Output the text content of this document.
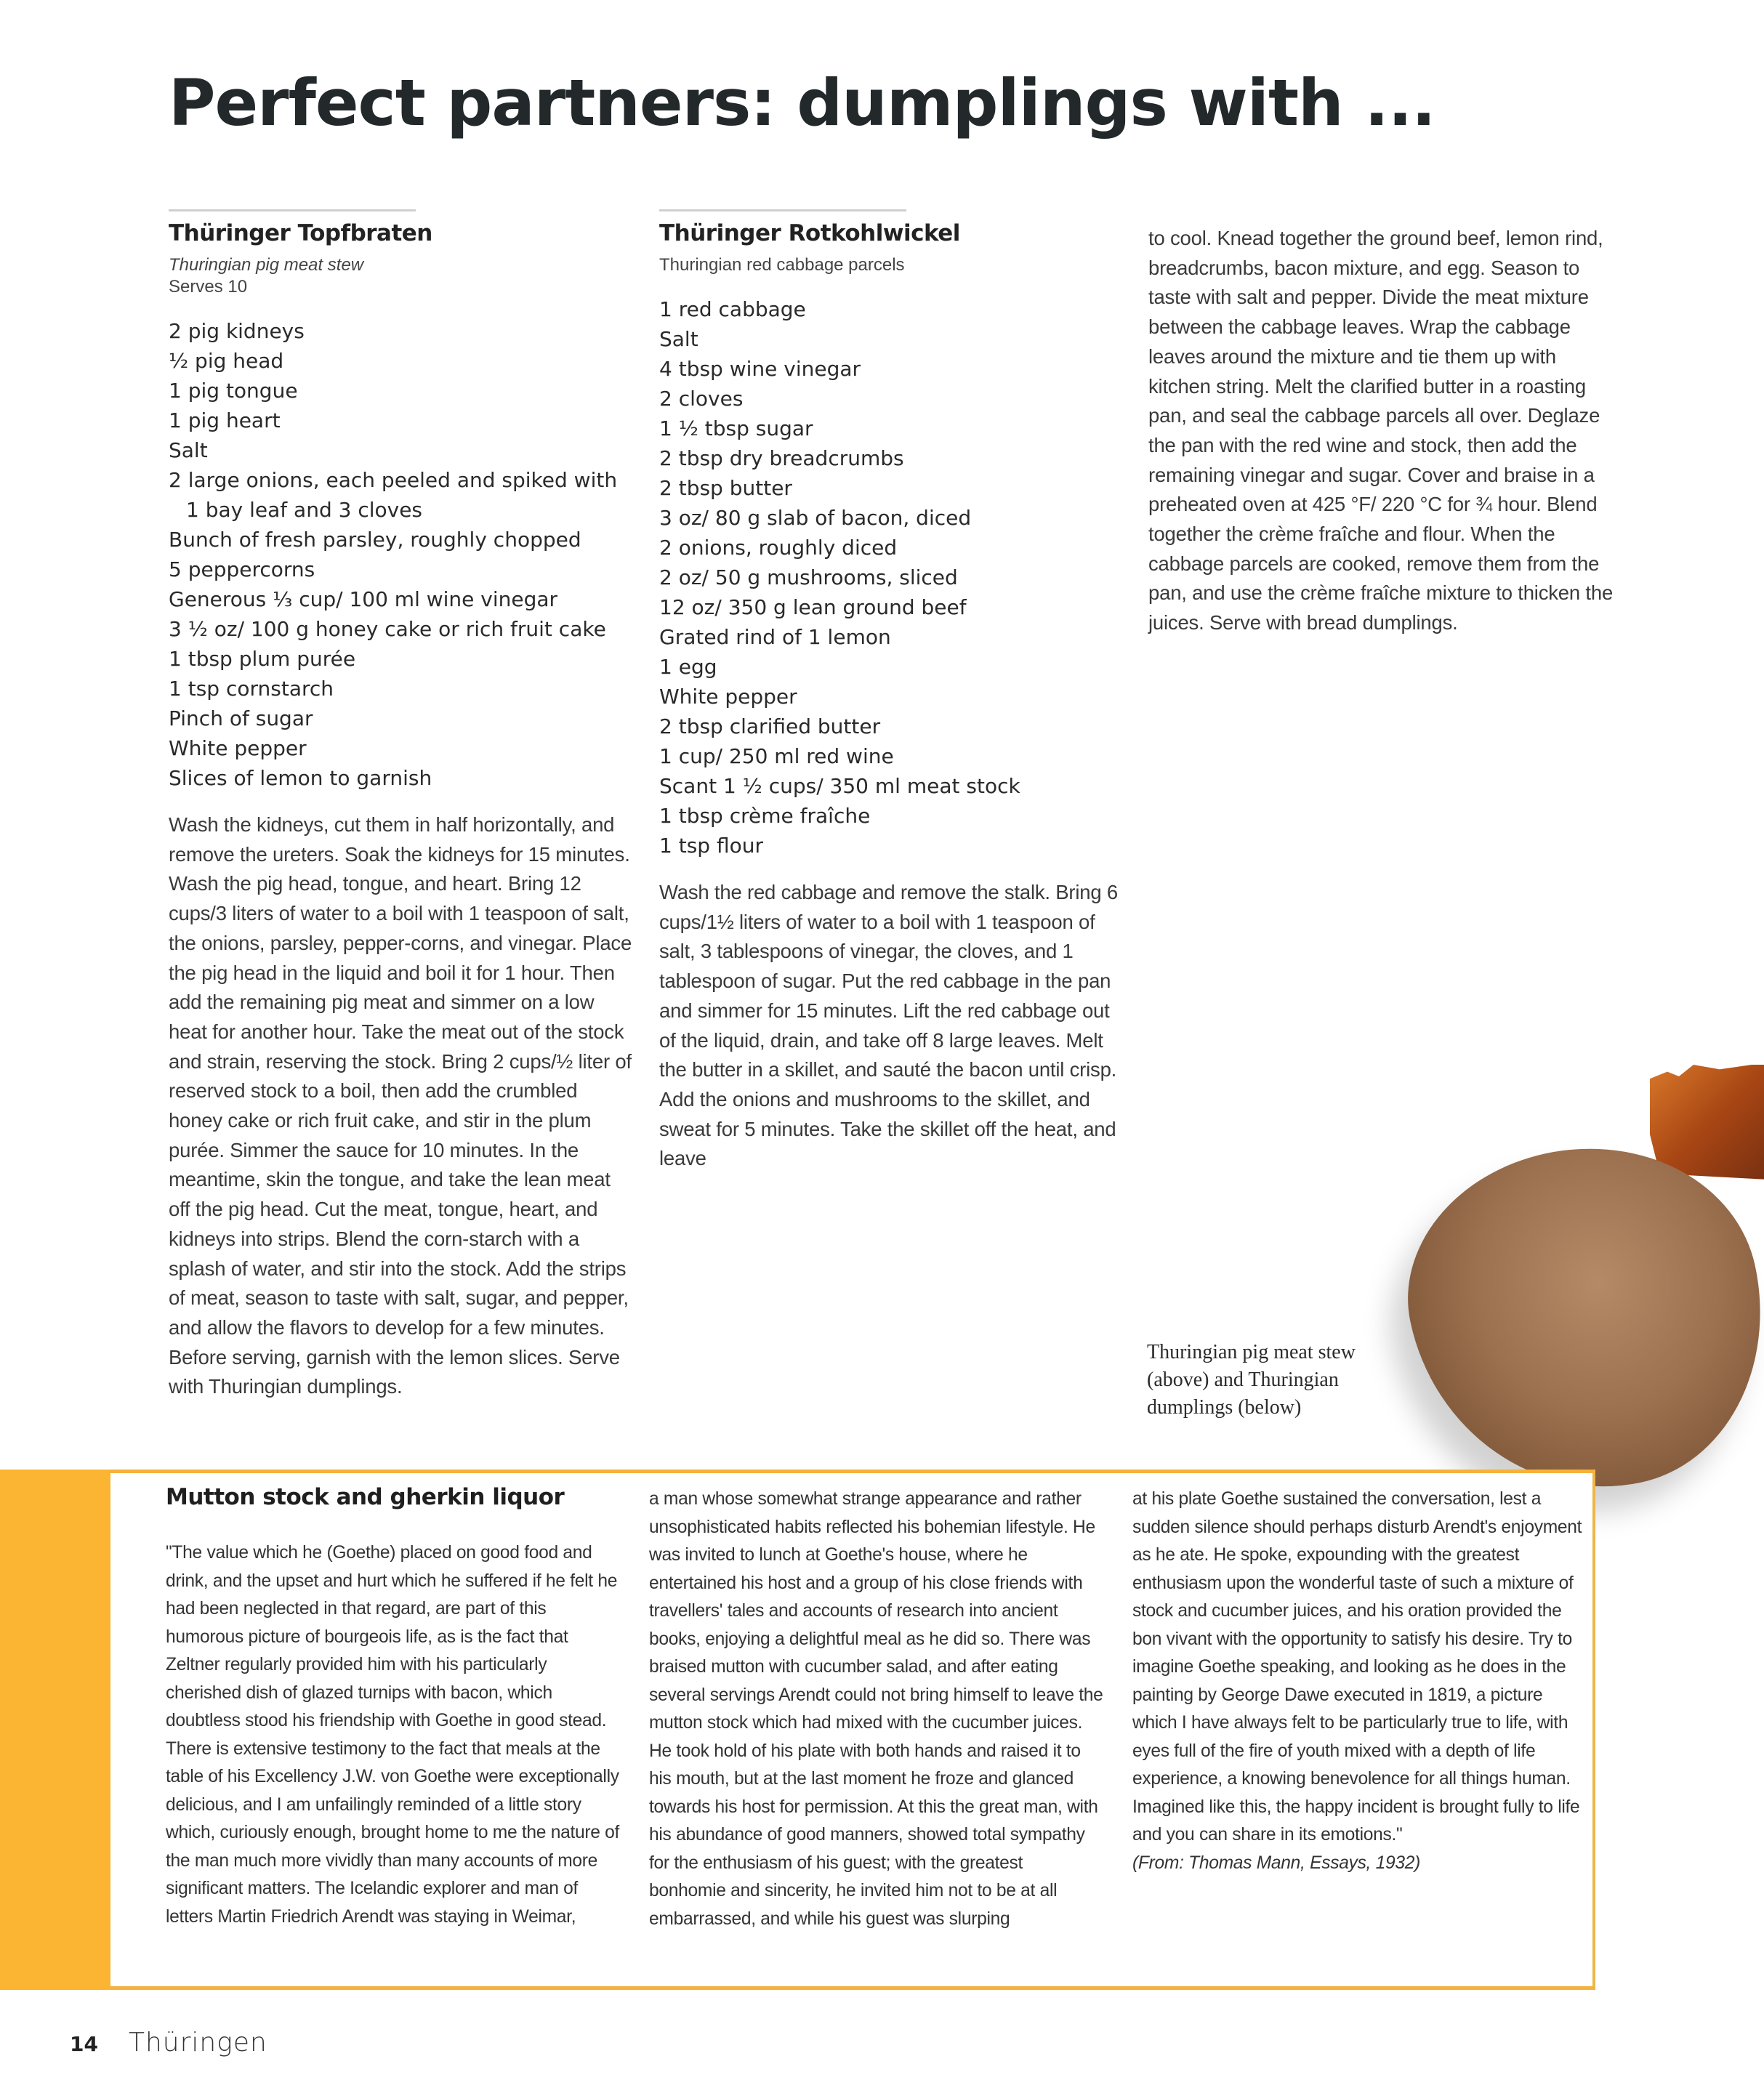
Perfect partners: dumplings with ...
Thüringer Topfbraten
Thuringian pig meat stew
Serves 10
2 pig kidneys
½ pig head
1 pig tongue
1 pig heart
Salt
2 large onions, each peeled and spiked with 1 bay leaf and 3 cloves
Bunch of fresh parsley, roughly chopped
5 peppercorns
Generous ⅓ cup/ 100 ml wine vinegar
3 ½ oz/ 100 g honey cake or rich fruit cake
1 tbsp plum purée
1 tsp cornstarch
Pinch of sugar
White pepper
Slices of lemon to garnish

Wash the kidneys, cut them in half horizontally, and remove the ureters. Soak the kidneys for 15 minutes. Wash the pig head, tongue, and heart. Bring 12 cups/3 liters of water to a boil with 1 teaspoon of salt, the onions, parsley, pepper-corns, and vinegar. Place the pig head in the liquid and boil it for 1 hour. Then add the remaining pig meat and simmer on a low heat for another hour. Take the meat out of the stock and strain, reserving the stock. Bring 2 cups/½ liter of reserved stock to a boil, then add the crumbled honey cake or rich fruit cake, and stir in the plum purée. Simmer the sauce for 10 minutes. In the meantime, skin the tongue, and take the lean meat off the pig head. Cut the meat, tongue, heart, and kidneys into strips. Blend the corn-starch with a splash of water, and stir into the stock. Add the strips of meat, season to taste with salt, sugar, and pepper, and allow the flavors to develop for a few minutes. Before serving, garnish with the lemon slices. Serve with Thuringian dumplings.

Thüringer Rotkohlwickel
Thuringian red cabbage parcels
1 red cabbage
Salt
4 tbsp wine vinegar
2 cloves
1 ½ tbsp sugar
2 tbsp dry breadcrumbs
2 tbsp butter
3 oz/ 80 g slab of bacon, diced
2 onions, roughly diced
2 oz/ 50 g mushrooms, sliced
12 oz/ 350 g lean ground beef
Grated rind of 1 lemon
1 egg
White pepper
2 tbsp clarified butter
1 cup/ 250 ml red wine
Scant 1 ½ cups/ 350 ml meat stock
1 tbsp crème fraîche
1 tsp flour

Wash the red cabbage and remove the stalk. Bring 6 cups/1½ liters of water to a boil with 1 teaspoon of salt, 3 tablespoons of vinegar, the cloves, and 1 tablespoon of sugar. Put the red cabbage in the pan and simmer for 15 minutes. Lift the red cabbage out of the liquid, drain, and take off 8 large leaves. Melt the butter in a skillet, and sauté the bacon until crisp. Add the onions and mushrooms to the skillet, and sweat for 5 minutes. Take the skillet off the heat, and leave

to cool. Knead together the ground beef, lemon rind, breadcrumbs, bacon mixture, and egg. Season to taste with salt and pepper. Divide the meat mixture between the cabbage leaves. Wrap the cabbage leaves around the mixture and tie them up with kitchen string. Melt the clarified butter in a roasting pan, and seal the cabbage parcels all over. Deglaze the pan with the red wine and stock, then add the remaining vinegar and sugar. Cover and braise in a preheated oven at 425 °F/ 220 °C for ¾ hour. Blend together the crème fraîche and flour. When the cabbage parcels are cooked, remove them from the pan, and use the crème fraîche mixture to thicken the juices. Serve with bread dumplings.

Thuringian pig meat stew (above) and Thuringian dumplings (below)
Mutton stock and gherkin liquor

"The value which he (Goethe) placed on good food and drink, and the upset and hurt which he suffered if he felt he had been neglected in that regard, are part of this humorous picture of bourgeois life, as is the fact that Zeltner regularly provided him with his particularly cherished dish of glazed turnips with bacon, which doubtless stood his friendship with Goethe in good stead. There is extensive testimony to the fact that meals at the table of his Excellency J.W. von Goethe were exceptionally delicious, and I am unfailingly reminded of a little story which, curiously enough, brought home to me the nature of the man much more vividly than many accounts of more significant matters. The Icelandic explorer and man of letters Martin Friedrich Arendt was staying in Weimar,

a man whose somewhat strange appearance and rather unsophisticated habits reflected his bohemian lifestyle. He was invited to lunch at Goethe's house, where he entertained his host and a group of his close friends with travellers' tales and accounts of research into ancient books, enjoying a delightful meal as he did so. There was braised mutton with cucumber salad, and after eating several servings Arendt could not bring himself to leave the mutton stock which had mixed with the cucumber juices. He took hold of his plate with both hands and raised it to his mouth, but at the last moment he froze and glanced towards his host for permission. At this the great man, with his abundance of good manners, showed total sympathy for the enthusiasm of his guest; with the greatest bonhomie and sincerity, he invited him not to be at all embarrassed, and while his guest was slurping

at his plate Goethe sustained the conversation, lest a sudden silence should perhaps disturb Arendt's enjoyment as he ate. He spoke, expounding with the greatest enthusiasm upon the wonderful taste of such a mixture of stock and cucumber juices, and his oration provided the bon vivant with the opportunity to satisfy his desire. Try to imagine Goethe speaking, and looking as he does in the painting by George Dawe executed in 1819, a picture which I have always felt to be particularly true to life, with eyes full of the fire of youth mixed with a depth of life experience, a knowing benevolence for all things human. Imagined like this, the happy incident is brought fully to life and you can share in its emotions."
(From: Thomas Mann, Essays, 1932)
14 Thüringen
